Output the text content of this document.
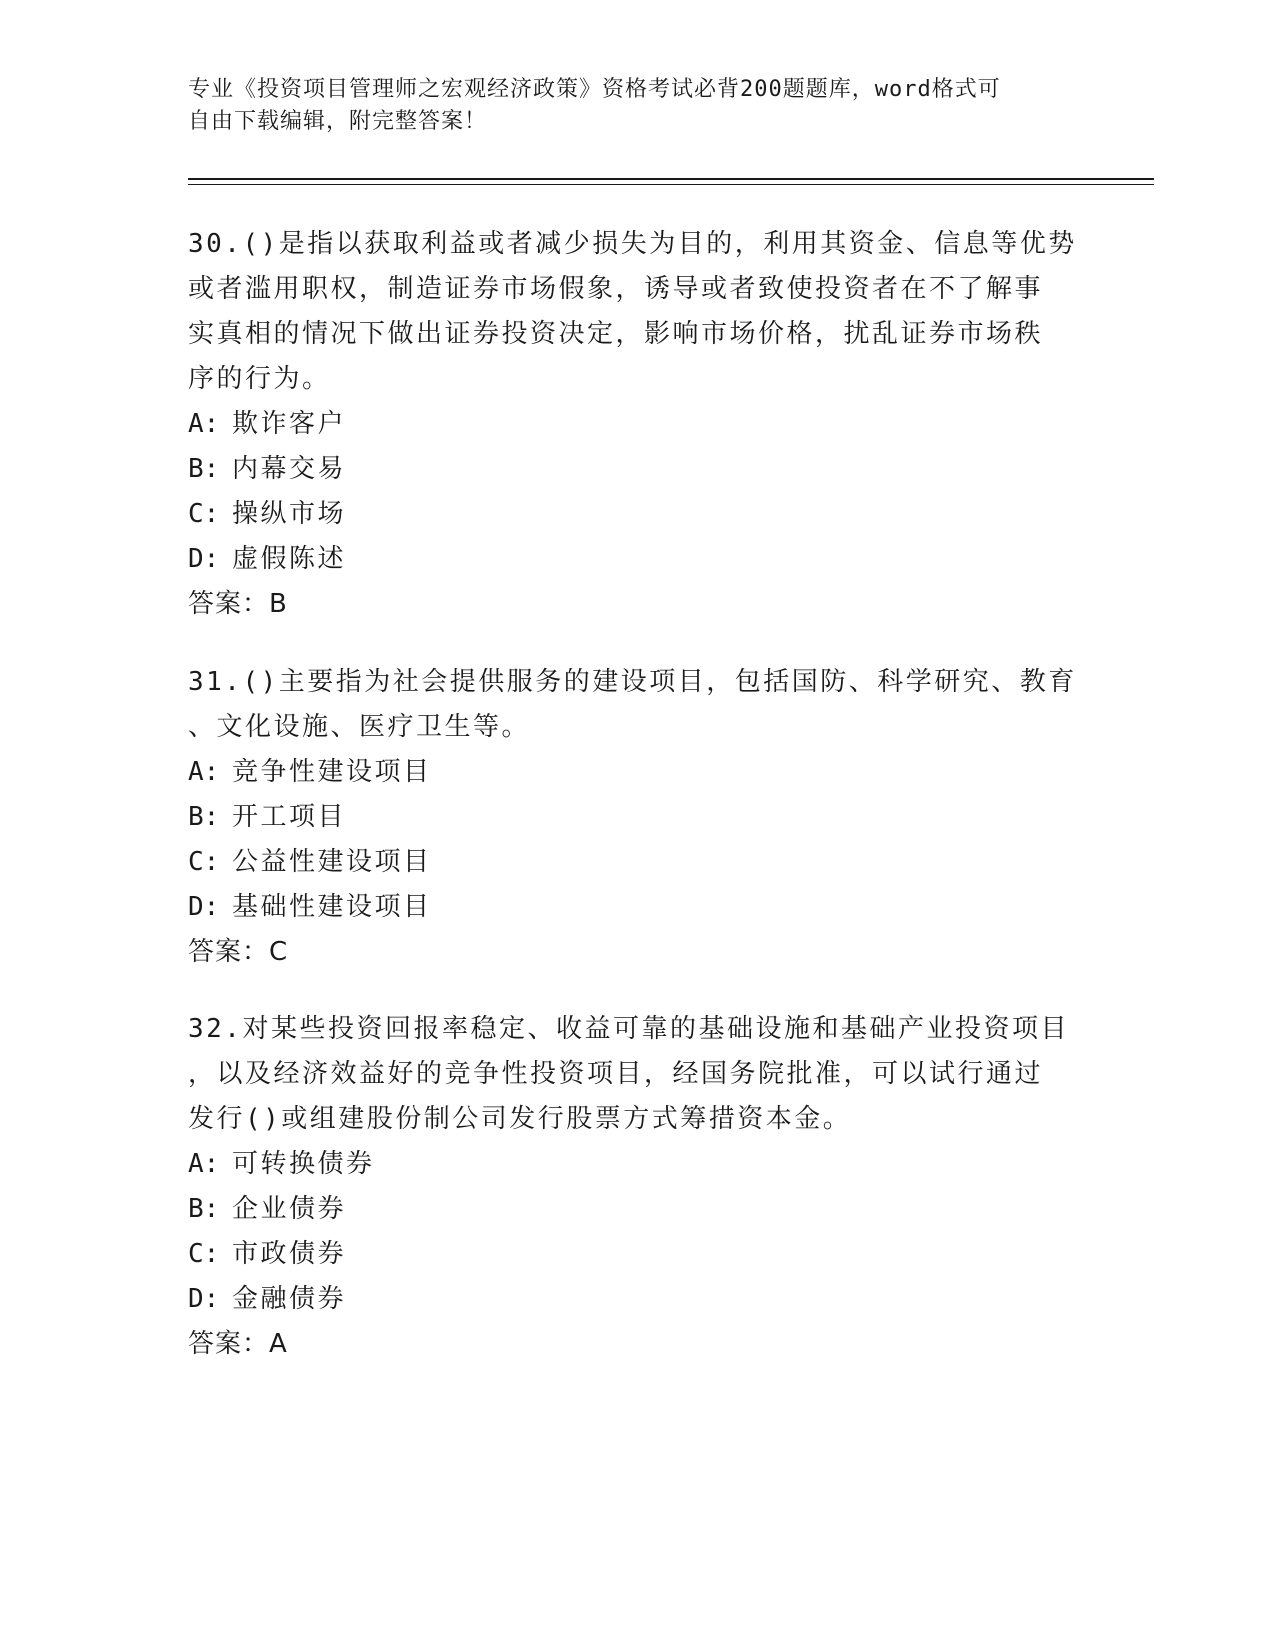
专业《投资项目管理师之宏观经济政策》资格考试必背200题题库，word格式可
自由下载编辑，附完整答案！
30.()是指以获取利益或者减少损失为目的，利用其资金、信息等优势
或者滥用职权，制造证券市场假象，诱导或者致使投资者在不了解事
实真相的情况下做出证券投资决定，影响市场价格，扰乱证券市场秩
序的行为。
A: 欺诈客户
B: 内幕交易
C: 操纵市场
D: 虚假陈述
答案：B
31.()主要指为社会提供服务的建设项目，包括国防、科学研究、教育
、文化设施、医疗卫生等。
A: 竞争性建设项目
B: 开工项目
C: 公益性建设项目
D: 基础性建设项目
答案：C
32.对某些投资回报率稳定、收益可靠的基础设施和基础产业投资项目
，以及经济效益好的竞争性投资项目，经国务院批准，可以试行通过
发行()或组建股份制公司发行股票方式筹措资本金。
A: 可转换债券
B: 企业债券
C: 市政债券
D: 金融债券
答案：A
